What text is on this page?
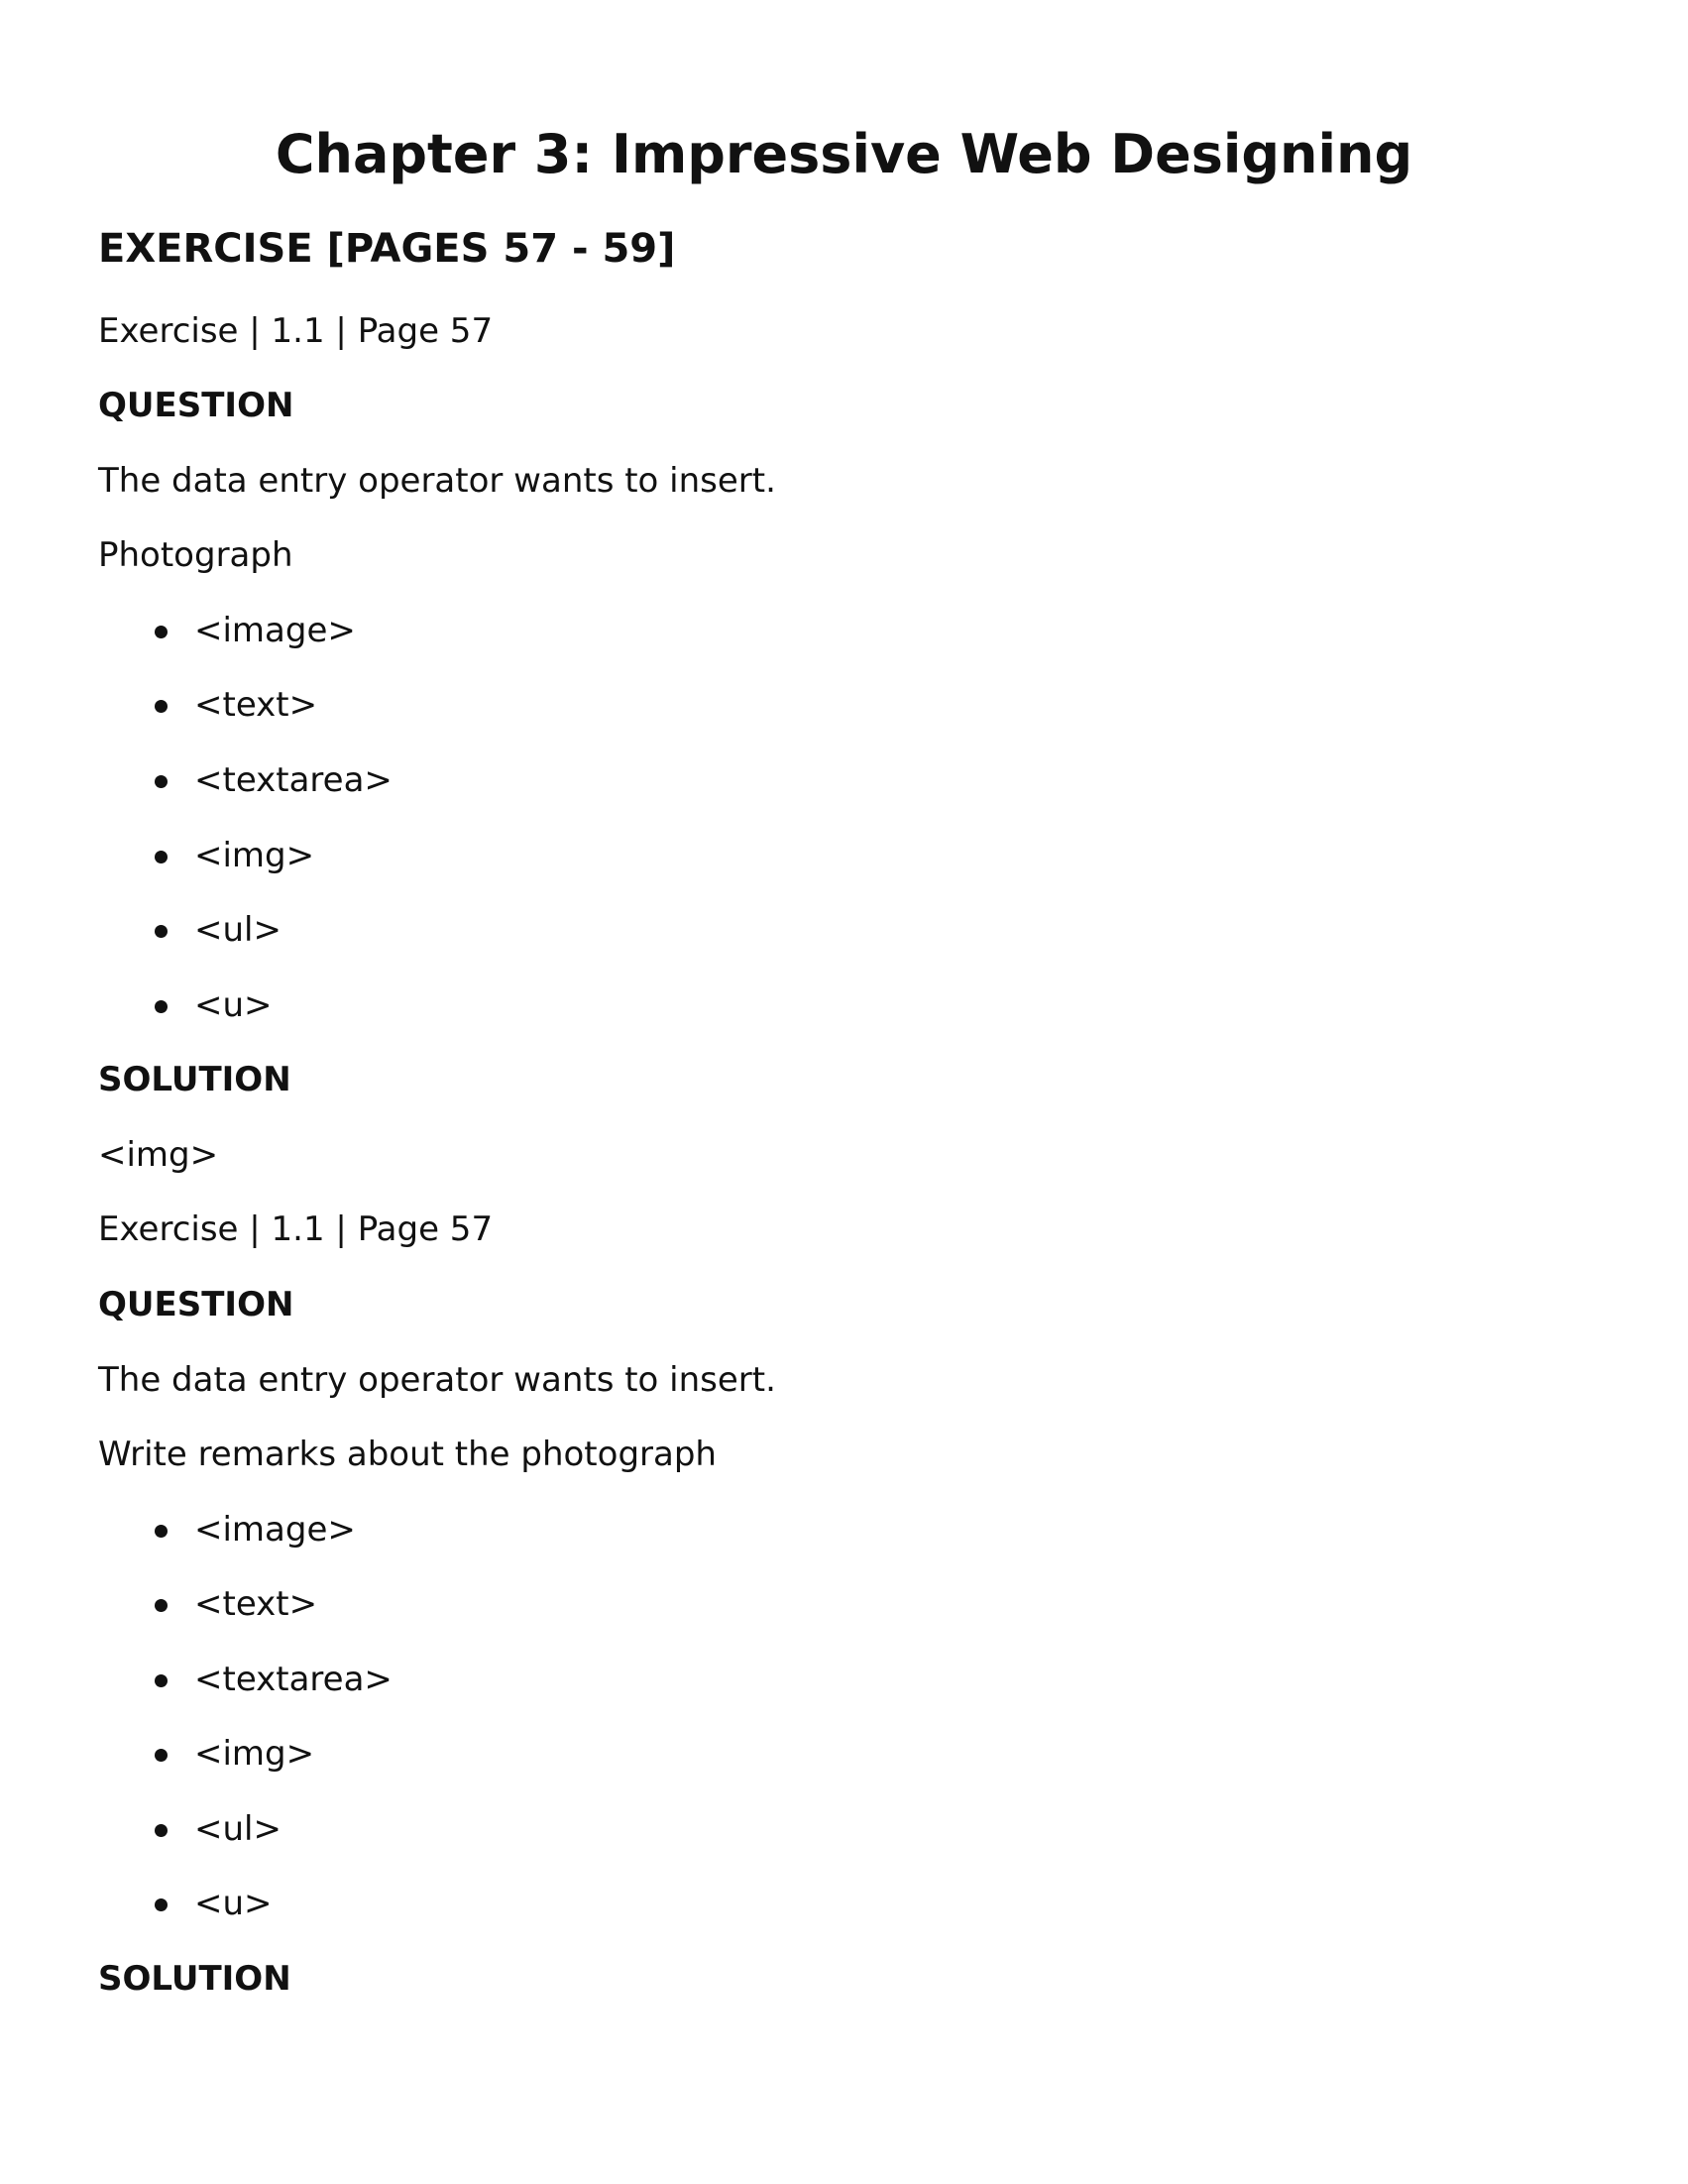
Chapter 3: Impressive Web Designing
EXERCISE [PAGES 57 - 59]
Exercise | 1.1 | Page 57
QUESTION
The data entry operator wants to insert.
Photograph
<image>
<text>
<textarea>
<img>
<ul>
<u>
SOLUTION
<img>
Exercise | 1.1 | Page 57
QUESTION
The data entry operator wants to insert.
Write remarks about the photograph
<image>
<text>
<textarea>
<img>
<ul>
<u>
SOLUTION
